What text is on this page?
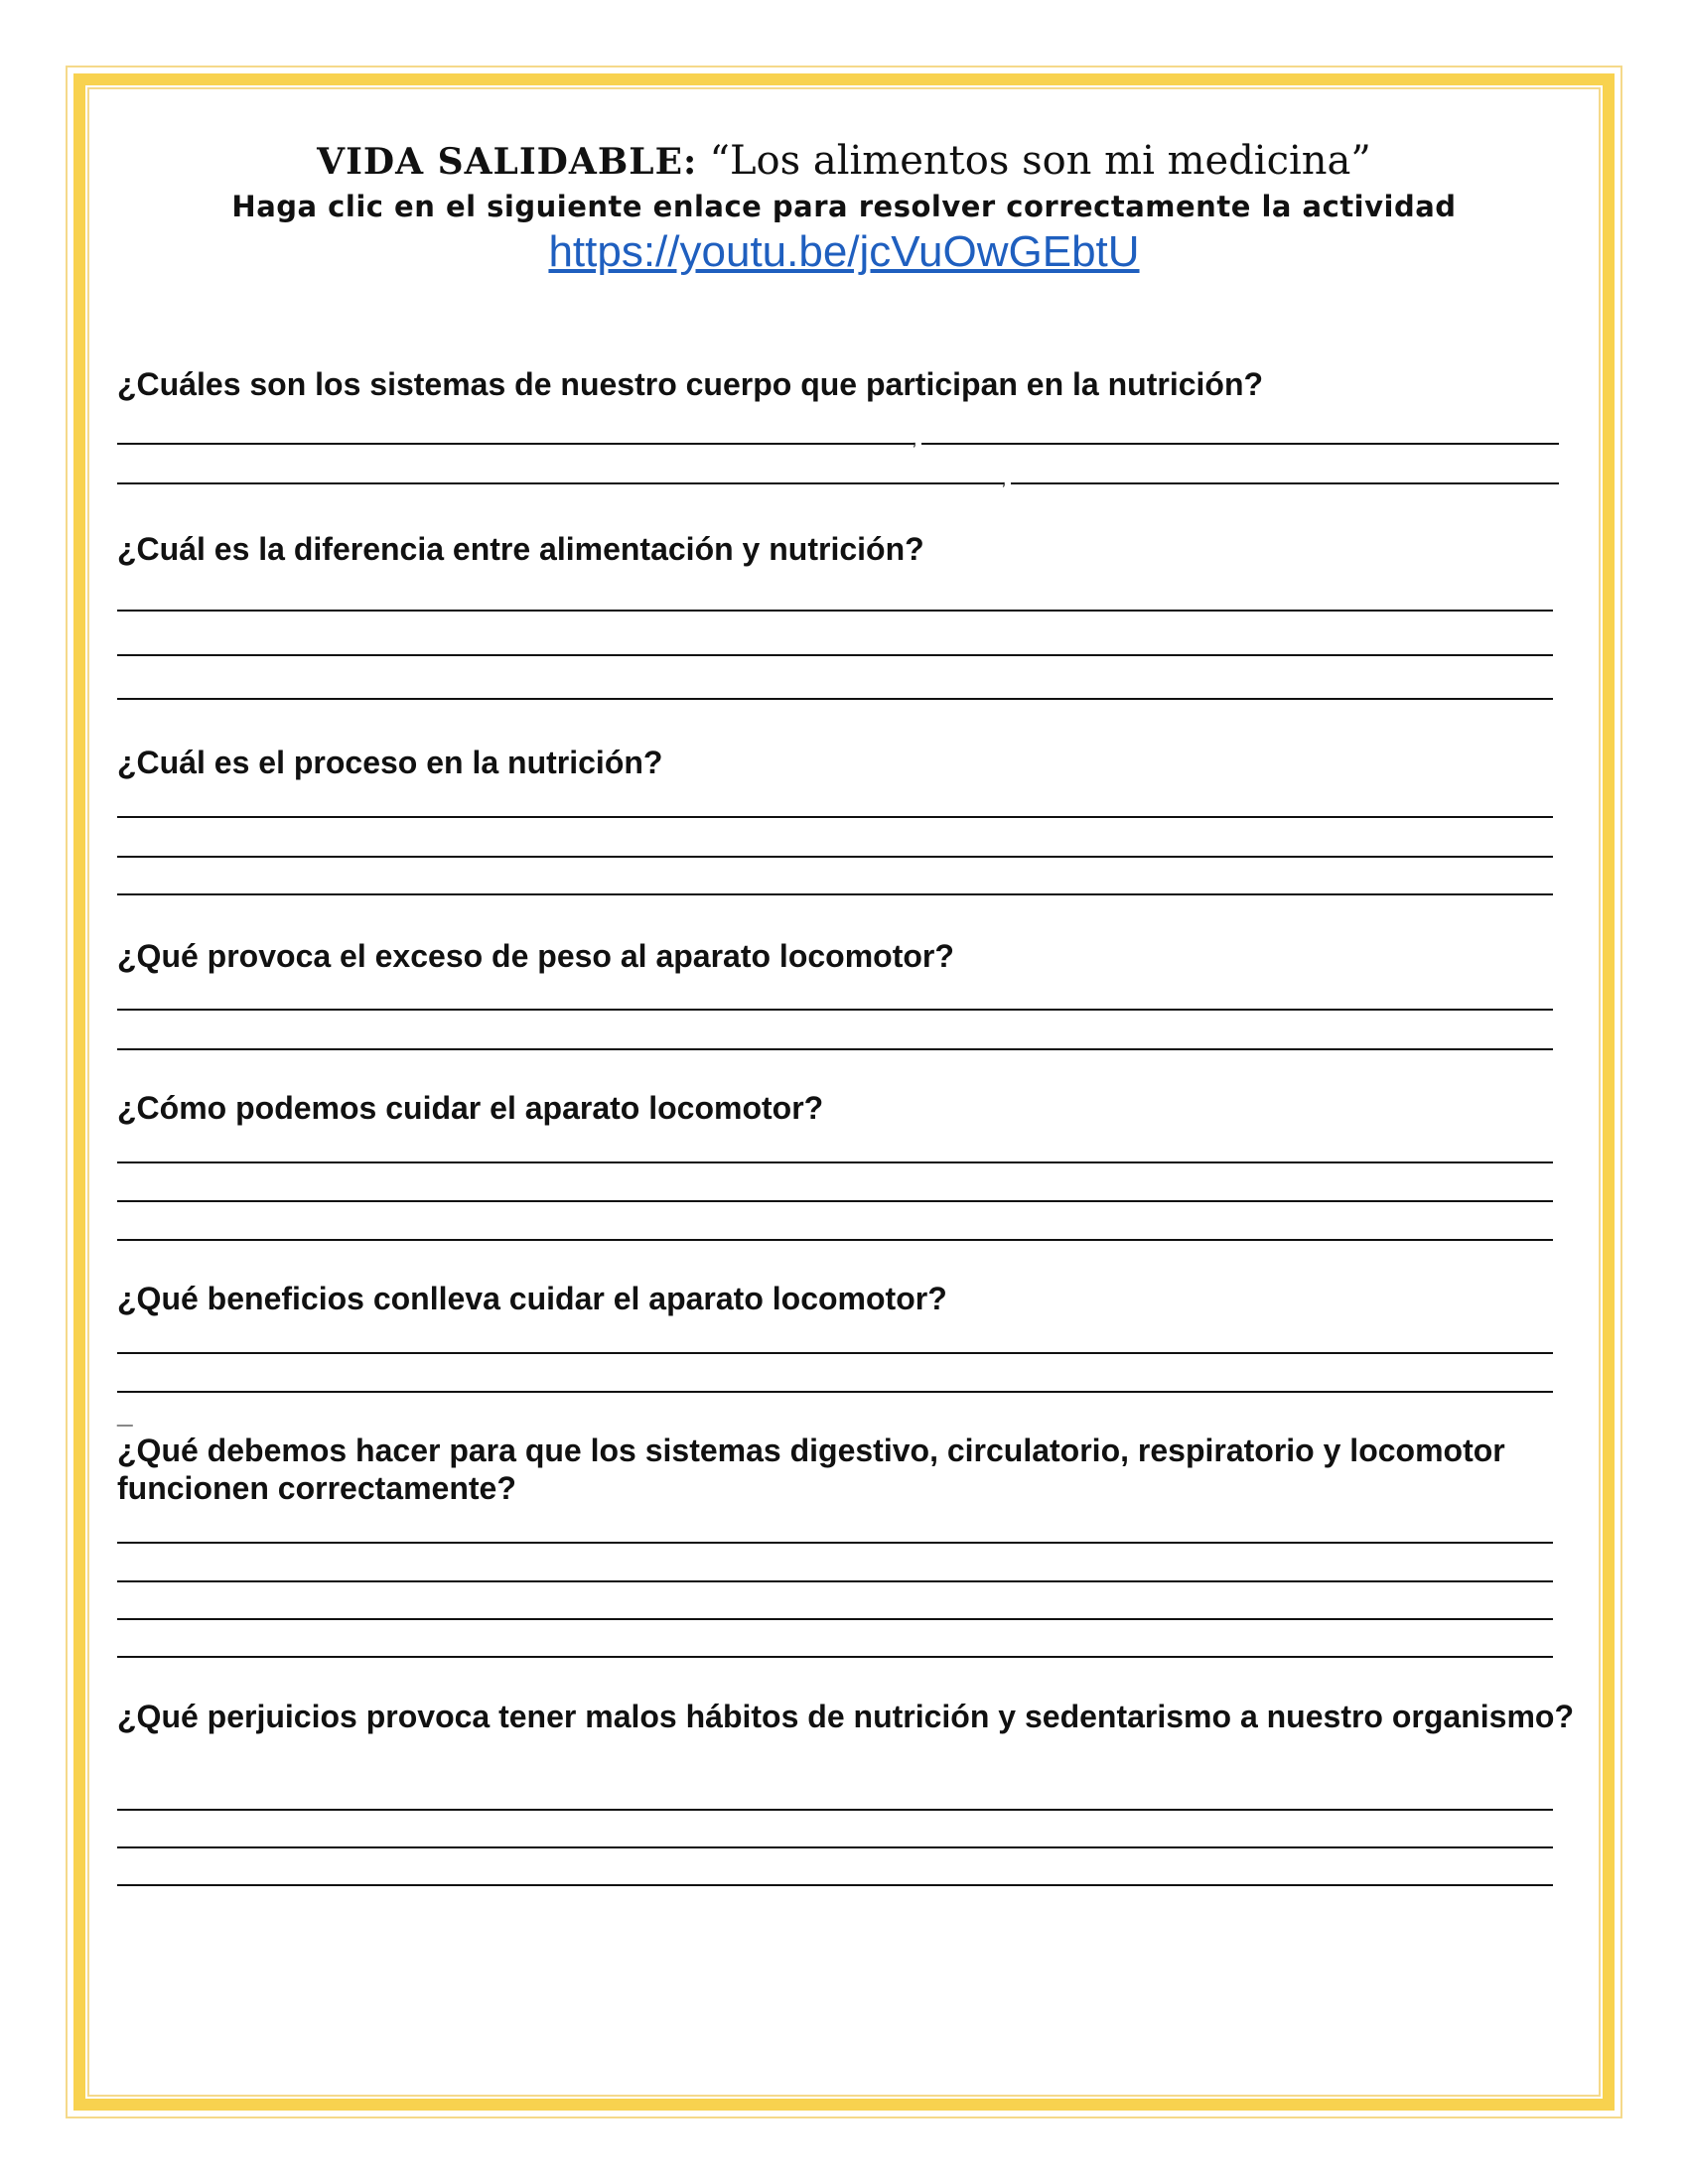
VIDA SALIDABLE: “Los alimentos son mi medicina”
Haga clic en el siguiente enlace para resolver correctamente la actividad
https://youtu.be/jcVuOwGEbtU

¿Cuáles son los sistemas de nuestro cuerpo que participan en la nutrición?

,
,

¿Cuál es la diferencia entre alimentación y nutrición?

¿Cuál es el proceso en la nutrición?

¿Qué provoca el exceso de peso al aparato locomotor?

¿Cómo podemos cuidar el aparato locomotor?

¿Qué beneficios conlleva cuidar el aparato locomotor?

_

¿Qué debemos hacer para que los sistemas digestivo, circulatorio, respiratorio y locomotor funcionen correctamente?

¿Qué perjuicios provoca tener malos hábitos de nutrición y sedentarismo a nuestro organismo?
